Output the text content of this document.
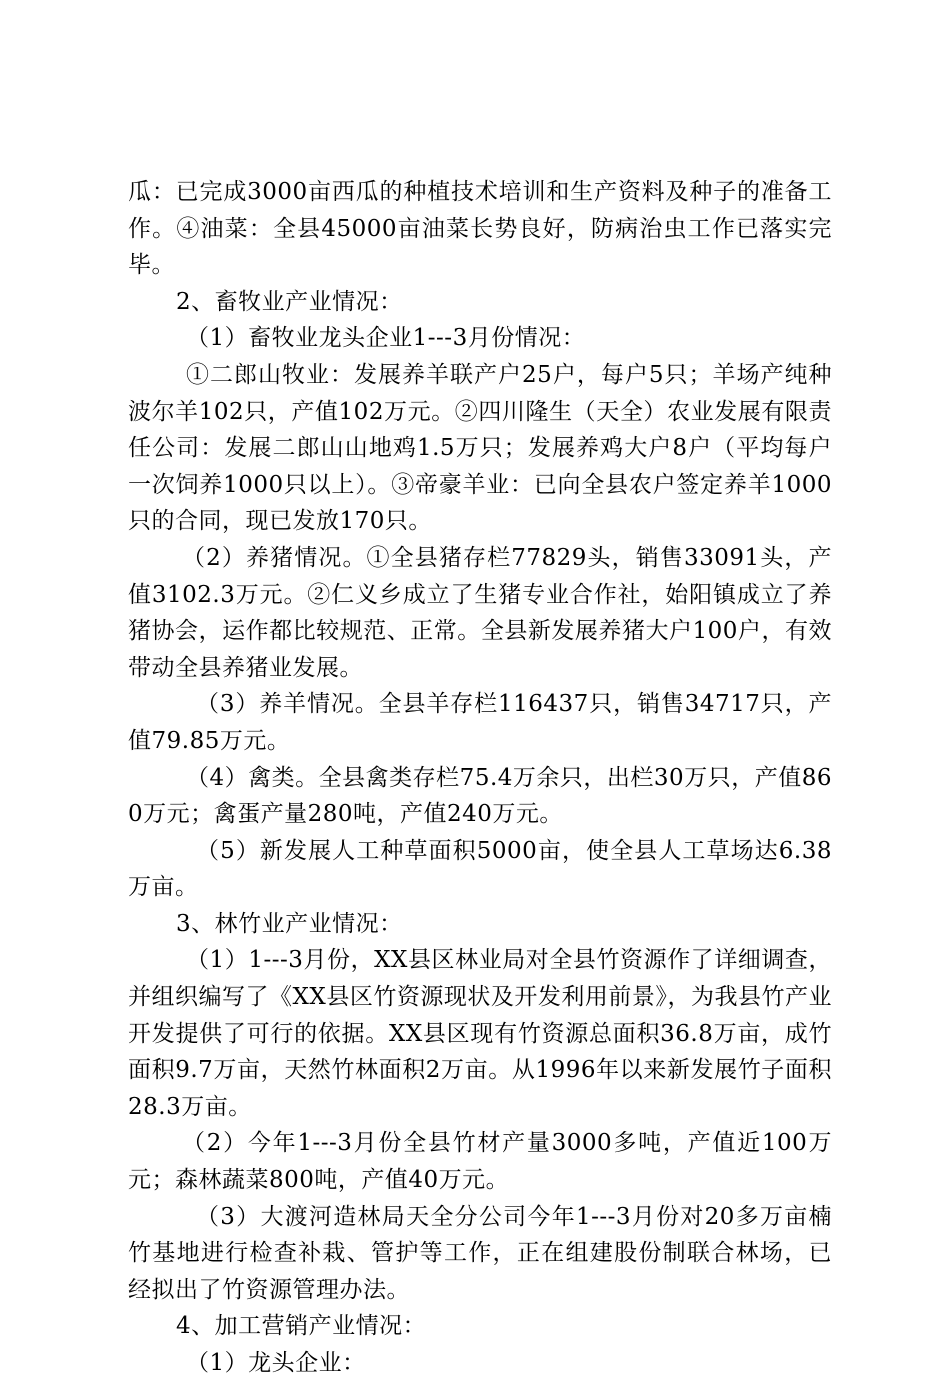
瓜：已完成3000亩西瓜的种植技术培训和生产资料及种子的准备工作。④油菜：全县45000亩油菜长势良好，防病治虫工作已落实完毕。

2、畜牧业产业情况：

（1）畜牧业龙头企业1---3月份情况：

①二郎山牧业：发展养羊联产户25户，每户5只；羊场产纯种波尔羊102只，产值102万元。②四川隆生（天全）农业发展有限责任公司：发展二郎山山地鸡1.5万只；发展养鸡大户8户（平均每户一次饲养1000只以上）。③帝豪羊业：已向全县农户签定养羊1000只的合同，现已发放170只。

（2）养猪情况。①全县猪存栏77829头，销售33091头，产值3102.3万元。②仁义乡成立了生猪专业合作社，始阳镇成立了养猪协会，运作都比较规范、正常。全县新发展养猪大户100户，有效带动全县养猪业发展。

（3）养羊情况。全县羊存栏116437只，销售34717只，产值79.85万元。

（4）禽类。全县禽类存栏75.4万余只，出栏30万只，产值860万元；禽蛋产量280吨，产值240万元。

（5）新发展人工种草面积5000亩，使全县人工草场达6.38万亩。

3、林竹业产业情况：

（1）1---3月份，XX县区林业局对全县竹资源作了详细调查，并组织编写了《XX县区竹资源现状及开发利用前景》，为我县竹产业开发提供了可行的依据。XX县区现有竹资源总面积36.8万亩，成竹面积9.7万亩，天然竹林面积2万亩。从1996年以来新发展竹子面积28.3万亩。

（2）今年1---3月份全县竹材产量3000多吨，产值近100万元；森林蔬菜800吨，产值40万元。

（3）大渡河造林局天全分公司今年1---3月份对20多万亩楠竹基地进行检查补栽、管护等工作，正在组建股份制联合林场，已经拟出了竹资源管理办法。

4、加工营销产业情况：

（1）龙头企业：
